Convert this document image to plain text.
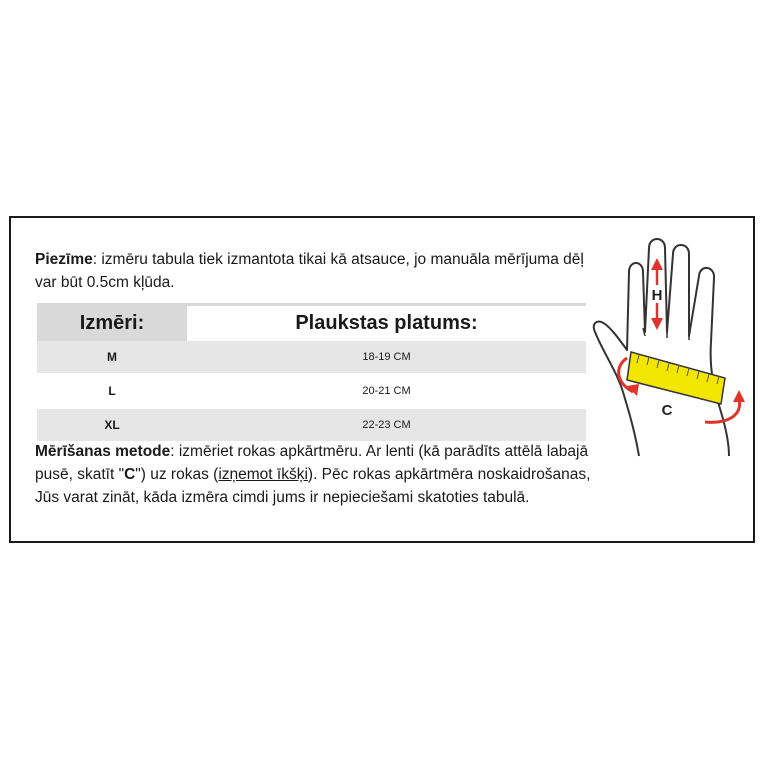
Piezīme: izmēru tabula tiek izmantota tikai kā atsauce, jo manuāla mērījuma dēļ var būt 0.5cm kļūda.
Izmēri:	Plaukstas platums:
M	18-19 CM

L	20-21 CM

XL	22-23 CM
Mērīšanas metode: izmēriet rokas apkārtmēru. Ar lenti (kā parādīts attēlā labajā pusē, skatīt "C") uz rokas (izņemot īkšķi). Pēc rokas apkārtmēra noskaidrošanas, Jūs varat zināt, kāda izmēra cimdi jums ir nepieciešami skatoties tabulā.
H
C
